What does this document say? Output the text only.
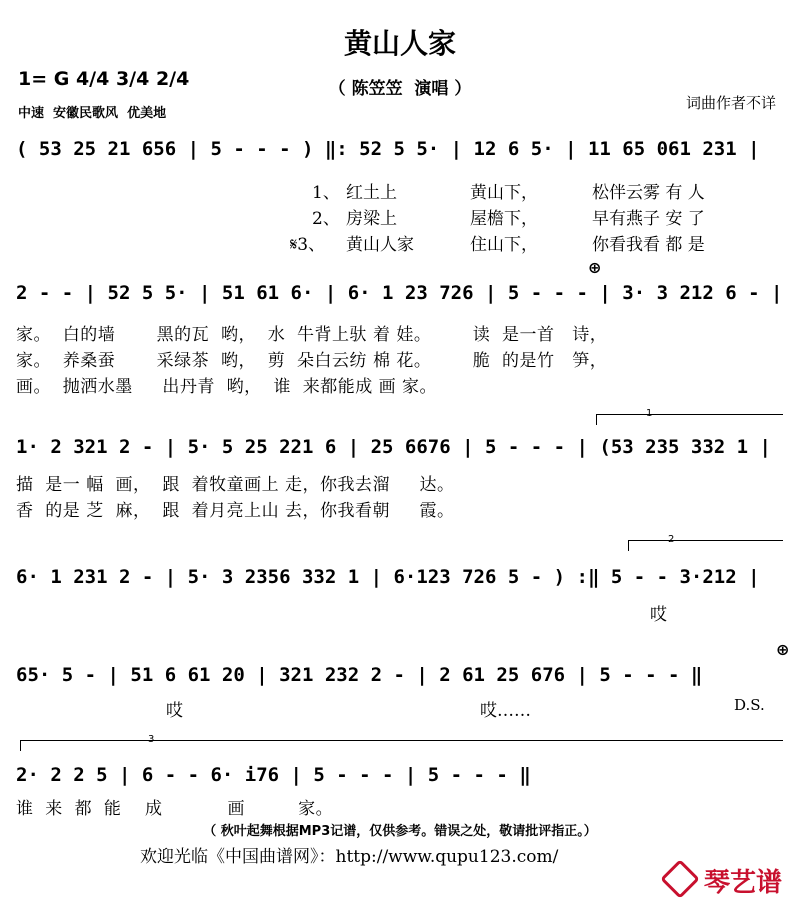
黄山人家
（ 陈笠笠  演唱 ）
1= G 4/4 3/4 2/4
中速  安徽民歌风  优美地
词曲作者不详
( 53 25 21 656 | 5 - - - ) ‖: 52 5 5· | 12 6 5· | 11 65 061 231 |
1、 红土上	黄山下，	松伴云雾 有 人
2、 房梁上	屋檐下，	早有燕子 安 了
𝄋3、 黄山人家	住山下，	你看我看 都 是
⊕
2 - - | 52 5 5· | 51 61 6· | 6· 1 23 726 | 5 - - - | 3· 3 212 6 - |
家。  白的墙       黑的瓦  哟，  水  牛背上驮 着 娃。       读  是一首   诗，
家。  养桑蚕       采绿茶  哟，  剪  朵白云纺 棉 花。       脆  的是竹   笋，
画。  抛洒水墨     出丹青  哟，  谁  来都能成 画 家。
1
1· 2 321 2 - | 5· 5 25 221 6 | 25 6676 | 5 - - - | (53 235 332 1 |
描  是一 幅  画，  跟  着牧童画上 走，你我去溜     达。
香  的是 芝  麻，  跟  着月亮上山 去，你我看朝     霞。
2
6· 1 231 2 - | 5· 3 2356 332 1 | 6·123 726 5 - ) :‖ 5 - - 3·212 |
哎
⊕
65· 5 - | 51 6 61 20 | 321 232 2 - | 2 61 25 676 | 5 - - - ‖
哎	哎……	D.S.
3
2· 2 2 5 | 6 - - 6· i76 | 5 - - - | 5 - - - ‖
谁  来  都  能    成           画         家。
（ 秋叶起舞根据MP3记谱，仅供参考。错误之处，敬请批评指正。）
欢迎光临《中国曲谱网》：http://www.qupu123.com/
琴艺谱
